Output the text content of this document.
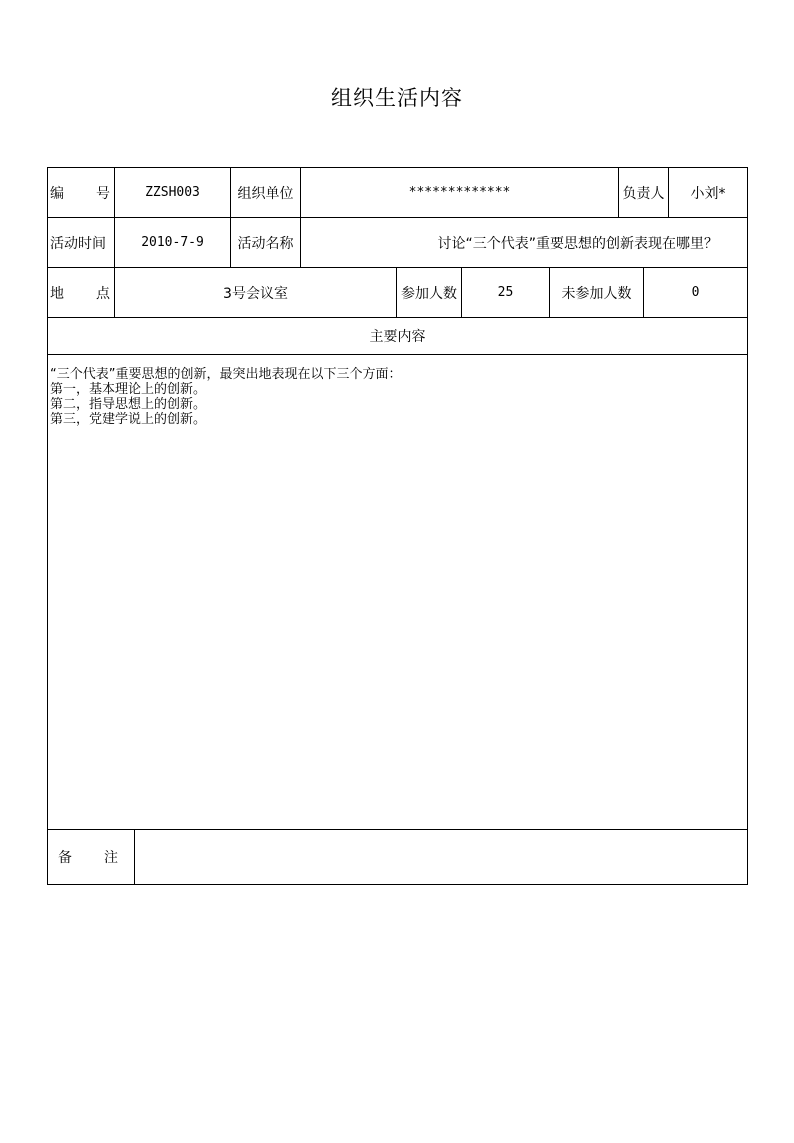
组织生活内容
编 号	ZZSH003	组织单位	*************	负责人	小刘*
活动时间	2010-7-9	活动名称	讨论“三个代表”重要思想的创新表现在哪里？
地 点	3号会议室	参加人数	25	未参加人数	0
主要内容
“三个代表”重要思想的创新，最突出地表现在以下三个方面：
第一，基本理论上的创新。
第二，指导思想上的创新。
第三，党建学说上的创新。
备 注
